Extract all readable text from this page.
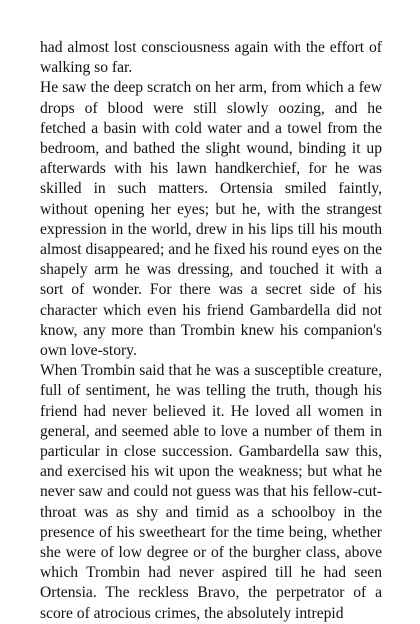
had almost lost consciousness again with the effort of walking so far.

He saw the deep scratch on her arm, from which a few drops of blood were still slowly oozing, and he fetched a basin with cold water and a towel from the bedroom, and bathed the slight wound, binding it up afterwards with his lawn handkerchief, for he was skilled in such matters. Ortensia smiled faintly, without opening her eyes; but he, with the strangest expression in the world, drew in his lips till his mouth almost disappeared; and he fixed his round eyes on the shapely arm he was dressing, and touched it with a sort of wonder. For there was a secret side of his character which even his friend Gambardella did not know, any more than Trombin knew his companion's own love-story.

When Trombin said that he was a susceptible creature, full of sentiment, he was telling the truth, though his friend had never believed it. He loved all women in general, and seemed able to love a number of them in particular in close succession. Gambardella saw this, and exercised his wit upon the weakness; but what he never saw and could not guess was that his fellow-cut-throat was as shy and timid as a schoolboy in the presence of his sweetheart for the time being, whether she were of low degree or of the burgher class, above which Trombin had never aspired till he had seen Ortensia. The reckless Bravo, the perpetrator of a score of atrocious crimes, the absolutely intrepid
